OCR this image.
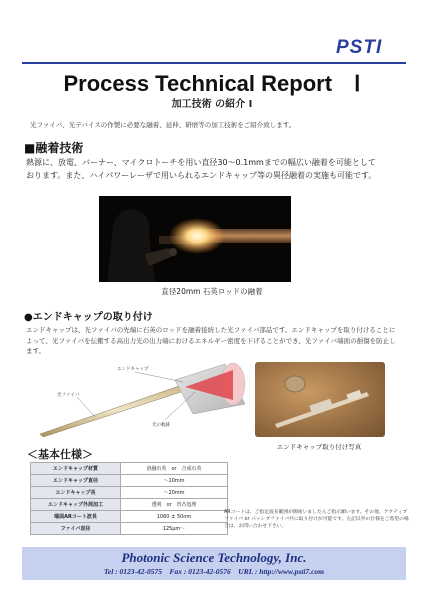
PSTI
Process Technical Report　Ⅰ
加工技術 の紹介 Ⅰ
光ファイバ、光デバイスの作製に必要な融着、延伸、研磨等の加工技術をご紹介致します。
■融着技術
熱源に、放電、バーナー、マイクロトーチを用い直径30～0.1mmまでの幅広い融着を可能としております。また、ハイパワーレーザで用いられるエンドキャップ等の異径融着の実施も可能です。
直径20mm 石英ロッドの融着
●エンドキャップの取り付け
エンドキャップは、光ファイバの先端に石英のロッドを融着接続した光ファイバ部品です。エンドキャップを取り付けることによって、光ファイバを伝搬する高出力光の出力端におけるエネルギー密度を下げることができ、光ファイバ端面の損傷を防止します。
エンドキャップ
光ファイバ
光の軌跡
エンドキャップ取り付け写真
＜基本仕様＞
エンドキャップ材質	溶融石英　or　合成石英
エンドキャップ直径	～10mm
エンドキャップ長	～20mm
エンドキャップ外周加工	透明　or　凹凸処理
端面ARコート波長	1060 ± 50nm
ファイバ直径	125μm～
ARコートは、ご指定波長範囲が御座いましたらご指示願います。その他、アクティブファイバ or パッシブファイバ共に取り付けが可能です。左記以外の仕様をご希望の場合は、お問い合わせ下さい。
Photonic Science Technology, Inc.
Tel : 0123-42-0575　Fax : 0123-42-0576　URL : http://www.psti7.com
